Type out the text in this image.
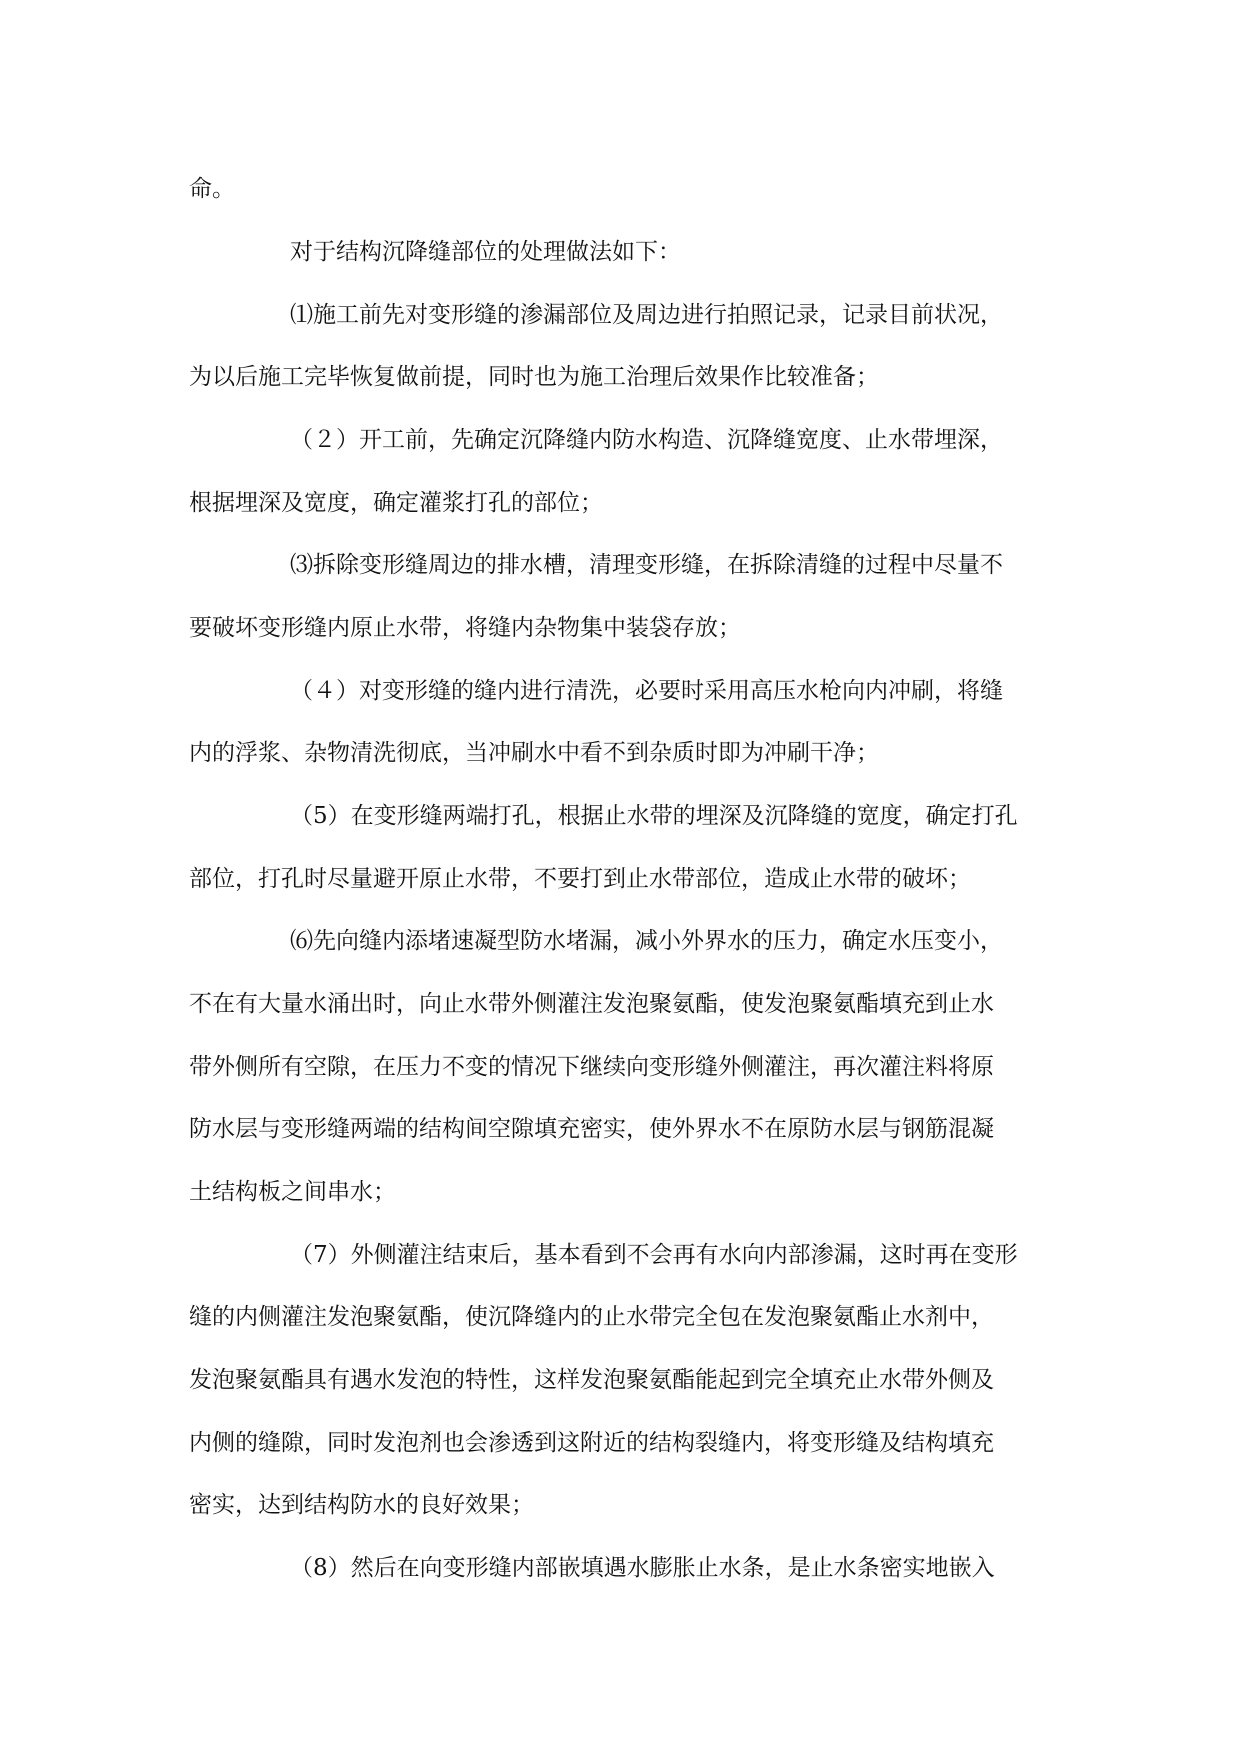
命。
对于结构沉降缝部位的处理做法如下：
⑴施工前先对变形缝的渗漏部位及周边进行拍照记录，记录目前状况，
为以后施工完毕恢复做前提，同时也为施工治理后效果作比较准备；
（２）开工前，先确定沉降缝内防水构造、沉降缝宽度、止水带埋深，
根据埋深及宽度，确定灌浆打孔的部位；
⑶拆除变形缝周边的排水槽，清理变形缝，在拆除清缝的过程中尽量不
要破坏变形缝内原止水带，将缝内杂物集中装袋存放；
（４）对变形缝的缝内进行清洗，必要时采用高压水枪向内冲刷，将缝
内的浮浆、杂物清洗彻底，当冲刷水中看不到杂质时即为冲刷干净；
（5）在变形缝两端打孔，根据止水带的埋深及沉降缝的宽度，确定打孔
部位，打孔时尽量避开原止水带，不要打到止水带部位，造成止水带的破坏；
⑹先向缝内添堵速凝型防水堵漏，减小外界水的压力，确定水压变小，
不在有大量水涌出时，向止水带外侧灌注发泡聚氨酯，使发泡聚氨酯填充到止水
带外侧所有空隙，在压力不变的情况下继续向变形缝外侧灌注，再次灌注料将原
防水层与变形缝两端的结构间空隙填充密实，使外界水不在原防水层与钢筋混凝
土结构板之间串水；
（7）外侧灌注结束后，基本看到不会再有水向内部渗漏，这时再在变形
缝的内侧灌注发泡聚氨酯，使沉降缝内的止水带完全包在发泡聚氨酯止水剂中，
发泡聚氨酯具有遇水发泡的特性，这样发泡聚氨酯能起到完全填充止水带外侧及
内侧的缝隙，同时发泡剂也会渗透到这附近的结构裂缝内，将变形缝及结构填充
密实，达到结构防水的良好效果；
（8）然后在向变形缝内部嵌填遇水膨胀止水条，是止水条密实地嵌入
